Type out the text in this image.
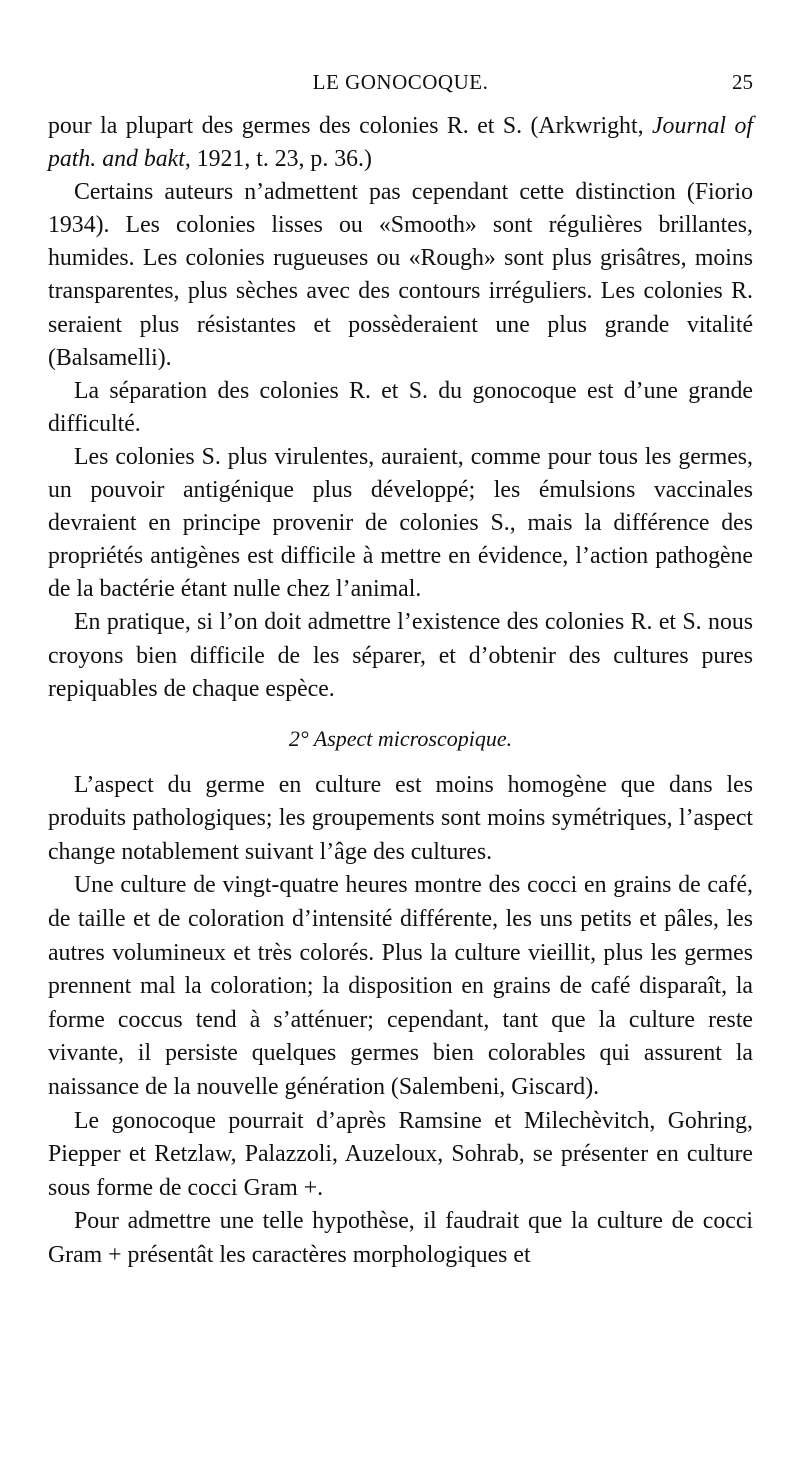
LE GONOCOQUE.	25

pour la plupart des germes des colonies R. et S. (Arkwright, Journal of path. and bakt, 1921, t. 23, p. 36.)

Certains auteurs n’admettent pas cependant cette distinction (Fiorio 1934). Les colonies lisses ou «Smooth» sont régulières brillantes, humides. Les colonies rugueuses ou «Rough» sont plus grisâtres, moins transparentes, plus sèches avec des contours irréguliers. Les colonies R. seraient plus résistantes et possèderaient une plus grande vitalité (Balsamelli).

La séparation des colonies R. et S. du gonocoque est d’une grande difficulté.

Les colonies S. plus virulentes, auraient, comme pour tous les germes, un pouvoir antigénique plus développé; les émulsions vaccinales devraient en principe provenir de colonies S., mais la différence des propriétés antigènes est difficile à mettre en évidence, l’action pathogène de la bactérie étant nulle chez l’animal.

En pratique, si l’on doit admettre l’existence des colonies R. et S. nous croyons bien difficile de les séparer, et d’obtenir des cultures pures repiquables de chaque espèce.

2° Aspect microscopique.

L’aspect du germe en culture est moins homogène que dans les produits pathologiques; les groupements sont moins symétriques, l’aspect change notablement suivant l’âge des cultures.

Une culture de vingt-quatre heures montre des cocci en grains de café, de taille et de coloration d’intensité différente, les uns petits et pâles, les autres volumineux et très colorés. Plus la culture vieillit, plus les germes prennent mal la coloration; la disposition en grains de café disparaît, la forme coccus tend à s’atténuer; cependant, tant que la culture reste vivante, il persiste quelques germes bien colorables qui assurent la naissance de la nouvelle génération (Salembeni, Giscard).

Le gonocoque pourrait d’après Ramsine et Milechèvitch, Gohring, Piepper et Retzlaw, Palazzoli, Auzeloux, Sohrab, se présenter en culture sous forme de cocci Gram +.

Pour admettre une telle hypothèse, il faudrait que la culture de cocci Gram + présentât les caractères morphologiques et
